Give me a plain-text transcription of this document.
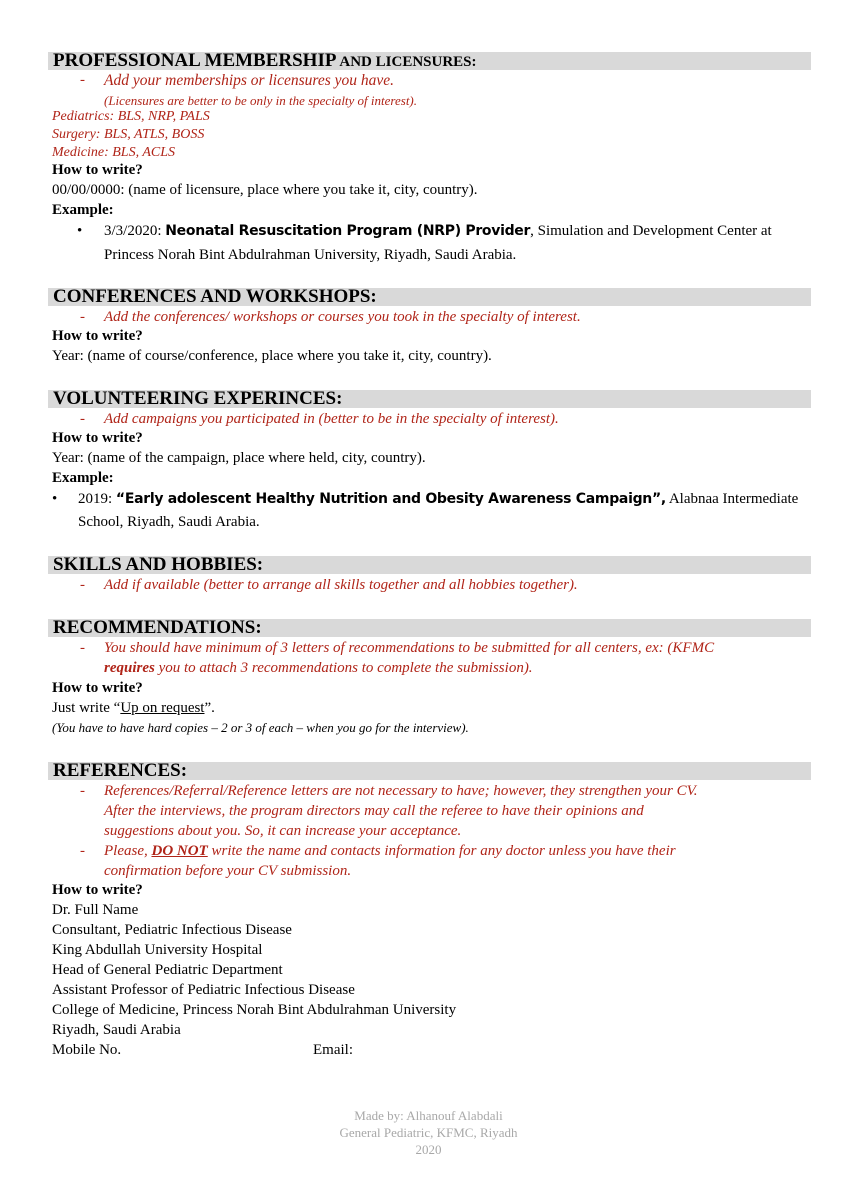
PROFESSIONAL MEMBERSHIP AND LICENSURES:
- Add your memberships or licensures you have.
(Licensures are better to be only in the specialty of interest).
Pediatrics: BLS, NRP, PALS
Surgery: BLS, ATLS, BOSS
Medicine: BLS, ACLS
How to write?
00/00/0000: (name of licensure, place where you take it, city, country).
Example:
• 3/3/2020: Neonatal Resuscitation Program (NRP) Provider, Simulation and Development Center at
Princess Norah Bint Abdulrahman University, Riyadh, Saudi Arabia.
CONFERENCES AND WORKSHOPS:
- Add the conferences/ workshops or courses you took in the specialty of interest.
How to write?
Year: (name of course/conference, place where you take it, city, country).
VOLUNTEERING EXPERINCES:
- Add campaigns you participated in (better to be in the specialty of interest).
How to write?
Year: (name of the campaign, place where held, city, country).
Example:
• 2019: “Early adolescent Healthy Nutrition and Obesity Awareness Campaign”, Alabnaa Intermediate
School, Riyadh, Saudi Arabia.
SKILLS AND HOBBIES:
- Add if available (better to arrange all skills together and all hobbies together).
RECOMMENDATIONS:
- You should have minimum of 3 letters of recommendations to be submitted for all centers, ex: (KFMC
requires you to attach 3 recommendations to complete the submission).
How to write?
Just write “Up on request”.
(You have to have hard copies – 2 or 3 of each – when you go for the interview).
REFERENCES:
- References/Referral/Reference letters are not necessary to have; however, they strengthen your CV.
After the interviews, the program directors may call the referee to have their opinions and
suggestions about you. So, it can increase your acceptance.
- Please, DO NOT write the name and contacts information for any doctor unless you have their
confirmation before your CV submission.
How to write?
Dr. Full Name
Consultant, Pediatric Infectious Disease
King Abdullah University Hospital
Head of General Pediatric Department
Assistant Professor of Pediatric Infectious Disease
College of Medicine, Princess Norah Bint Abdulrahman University
Riyadh, Saudi Arabia
Mobile No.	Email:
Made by: Alhanouf Alabdali
General Pediatric, KFMC, Riyadh
2020
